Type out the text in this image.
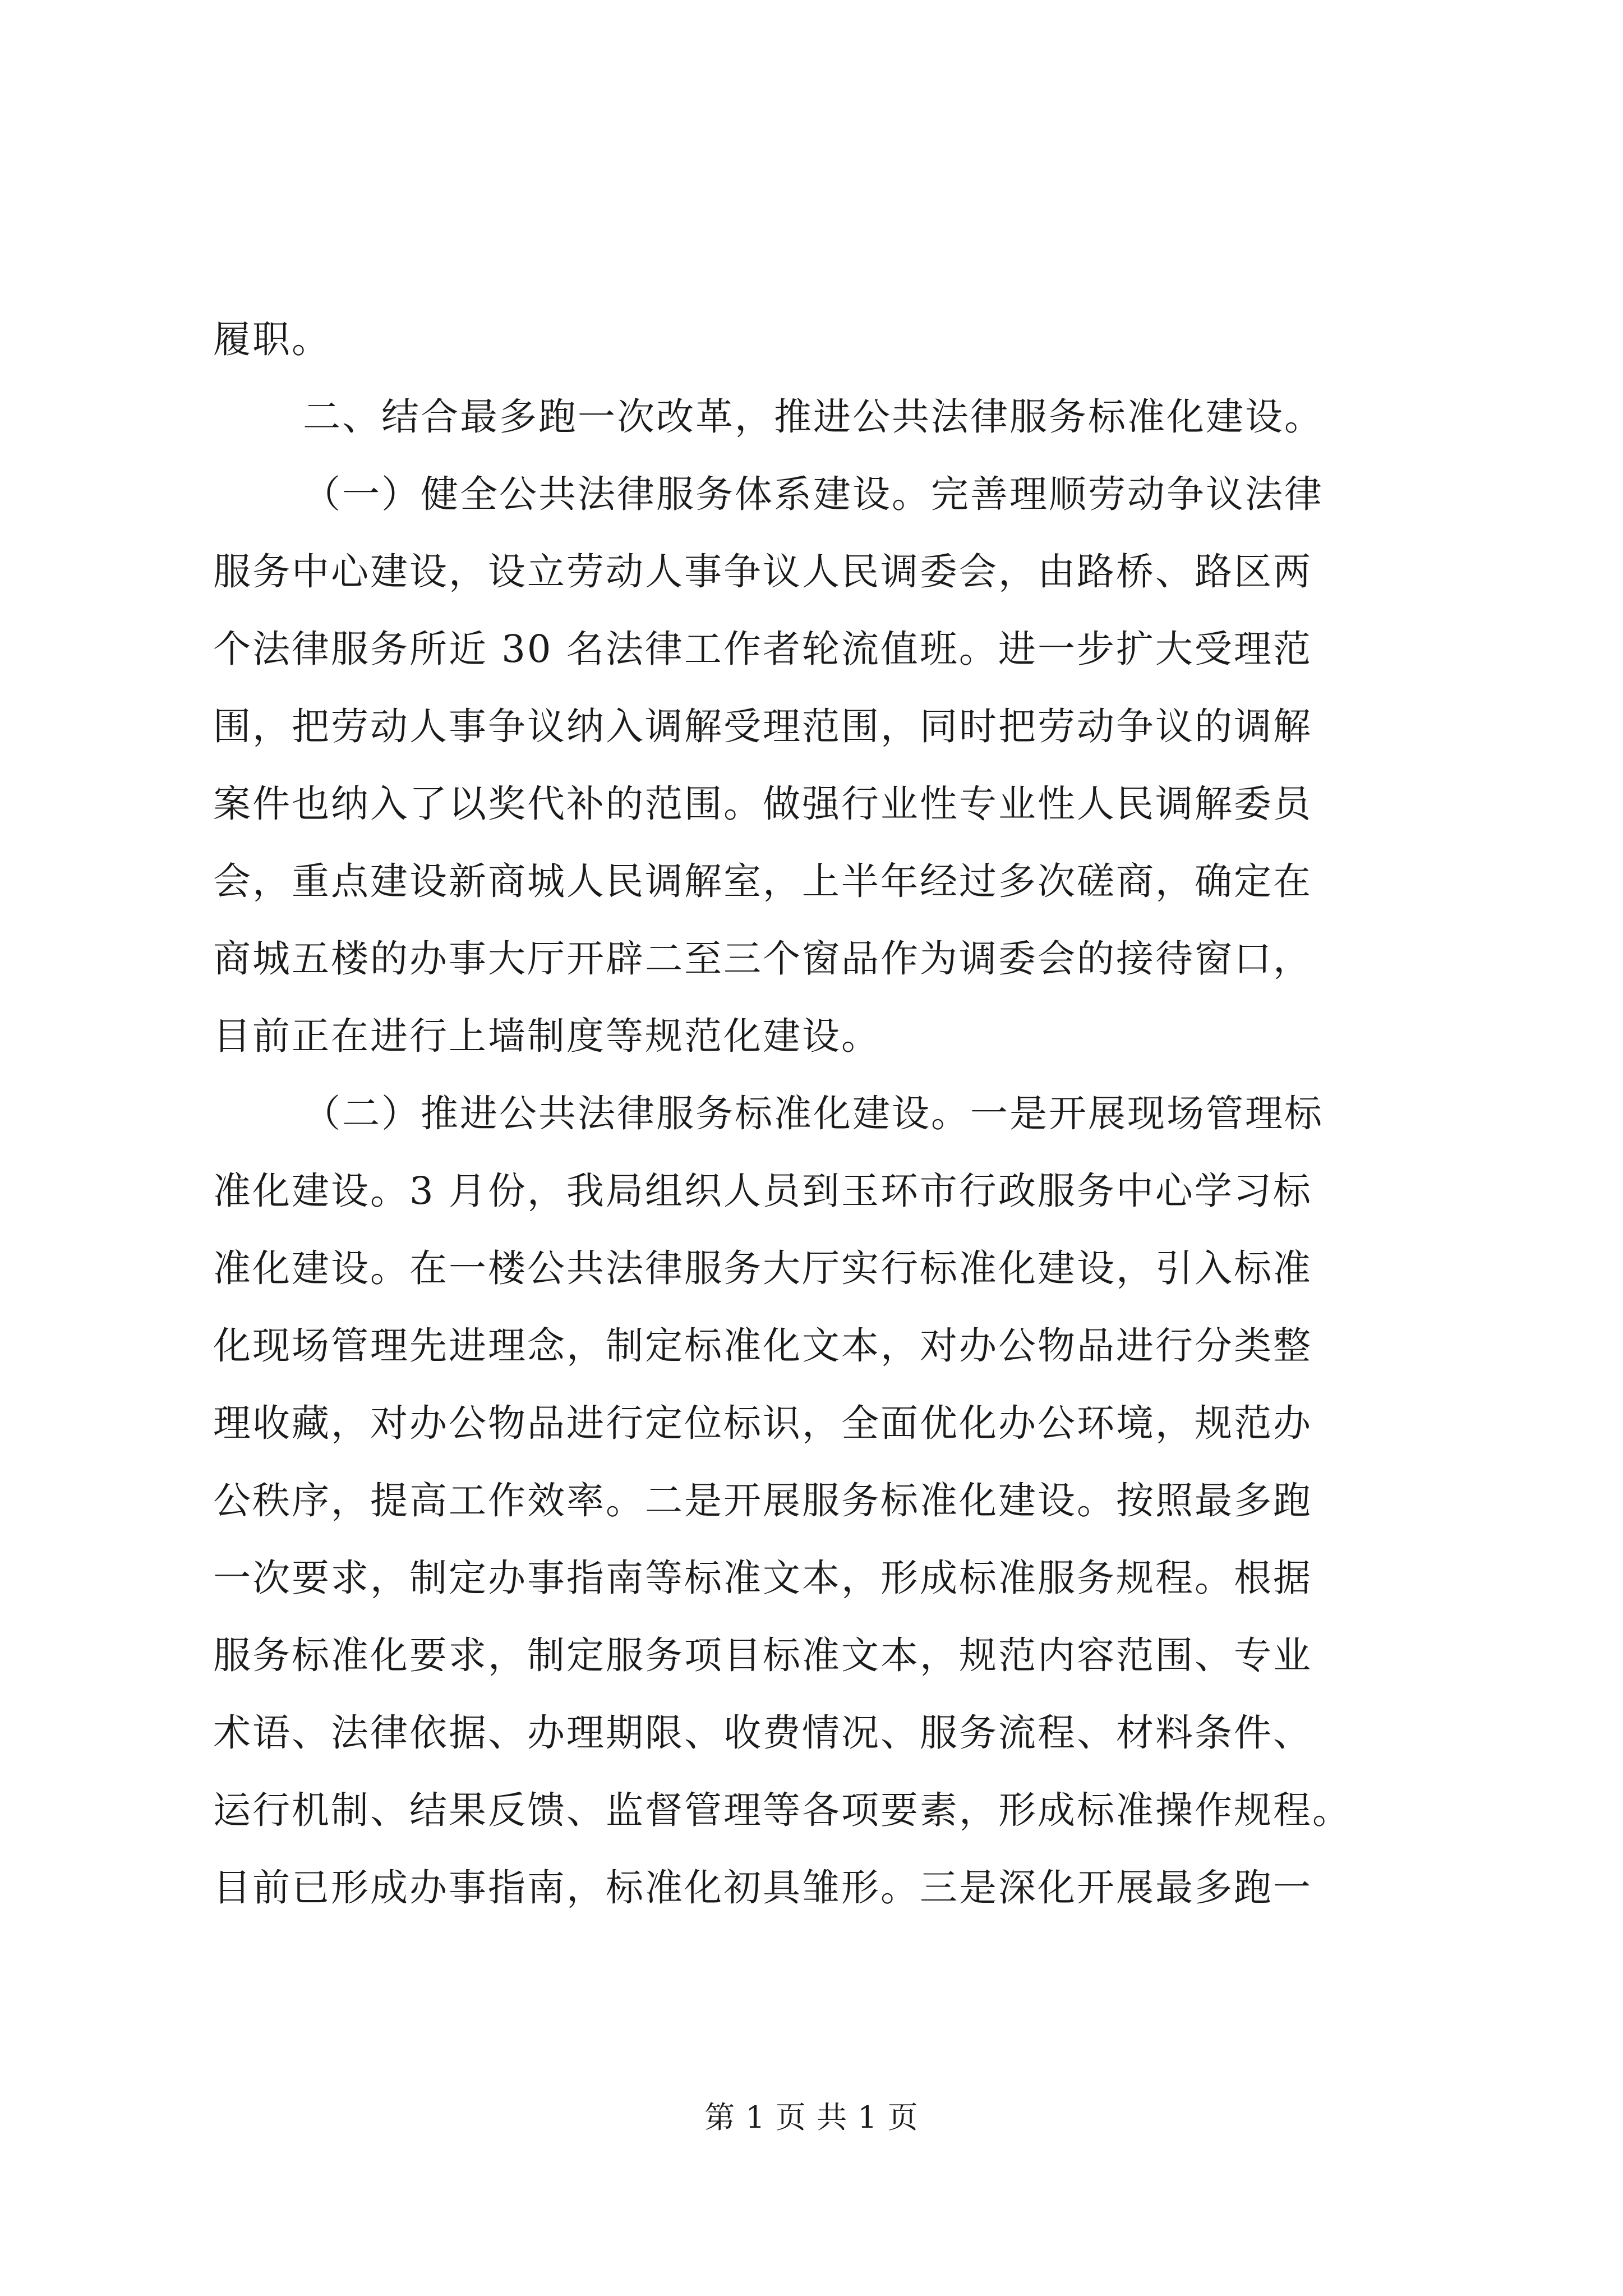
履职。

二、结合最多跑一次改革，推进公共法律服务标准化建设。

（一）健全公共法律服务体系建设。完善理顺劳动争议法律

服务中心建设，设立劳动人事争议人民调委会，由路桥、路区两

个法律服务所近 30 名法律工作者轮流值班。进一步扩大受理范

围，把劳动人事争议纳入调解受理范围，同时把劳动争议的调解

案件也纳入了以奖代补的范围。做强行业性专业性人民调解委员

会，重点建设新商城人民调解室，上半年经过多次磋商，确定在

商城五楼的办事大厅开辟二至三个窗品作为调委会的接待窗口，

目前正在进行上墙制度等规范化建设。

（二）推进公共法律服务标准化建设。一是开展现场管理标

准化建设。3 月份，我局组织人员到玉环市行政服务中心学习标

准化建设。在一楼公共法律服务大厅实行标准化建设，引入标准

化现场管理先进理念，制定标准化文本，对办公物品进行分类整

理收藏，对办公物品进行定位标识，全面优化办公环境，规范办

公秩序，提高工作效率。二是开展服务标准化建设。按照最多跑

一次要求，制定办事指南等标准文本，形成标准服务规程。根据

服务标准化要求，制定服务项目标准文本，规范内容范围、专业

术语、法律依据、办理期限、收费情况、服务流程、材料条件、

运行机制、结果反馈、监督管理等各项要素，形成标准操作规程。

目前已形成办事指南，标准化初具雏形。三是深化开展最多跑一

第 1 页 共 1 页
